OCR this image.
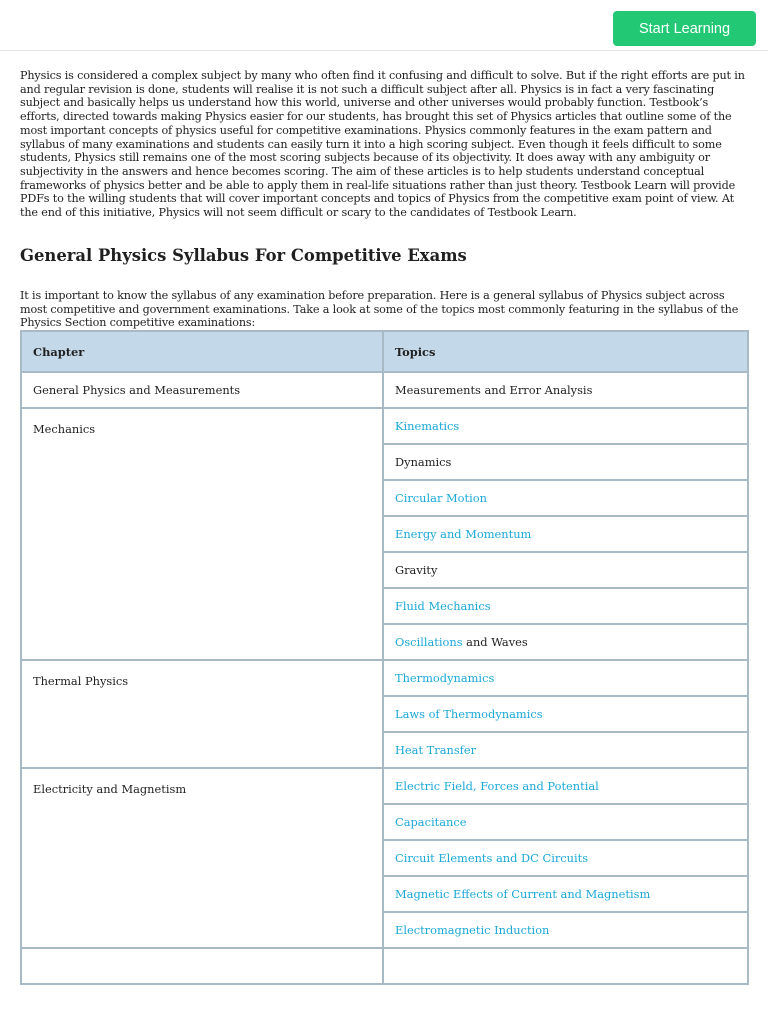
Start Learning

Physics is considered a complex subject by many who often find it confusing and difficult to solve. But if the right efforts are put in and regular revision is done, students will realise it is not such a difficult subject after all. Physics is in fact a very fascinating subject and basically helps us understand how this world, universe and other universes would probably function. Testbook’s efforts, directed towards making Physics easier for our students, has brought this set of Physics articles that outline some of the most important concepts of physics useful for competitive examinations. Physics commonly features in the exam pattern and syllabus of many examinations and students can easily turn it into a high scoring subject. Even though it feels difficult to some students, Physics still remains one of the most scoring subjects because of its objectivity. It does away with any ambiguity or subjectivity in the answers and hence becomes scoring. The aim of these articles is to help students understand conceptual frameworks of physics better and be able to apply them in real-life situations rather than just theory. Testbook Learn will provide PDFs to the willing students that will cover important concepts and topics of Physics from the competitive exam point of view. At the end of this initiative, Physics will not seem difficult or scary to the candidates of Testbook Learn.

General Physics Syllabus For Competitive Exams

It is important to know the syllabus of any examination before preparation. Here is a general syllabus of Physics subject across most competitive and government examinations. Take a look at some of the topics most commonly featuring in the syllabus of the Physics Section competitive examinations:

Chapter	Topics
General Physics and Measurements	Measurements and Error Analysis
Mechanics	Kinematics
	Dynamics
	Circular Motion
	Energy and Momentum
	Gravity
	Fluid Mechanics
	Oscillations and Waves
Thermal Physics	Thermodynamics
	Laws of Thermodynamics
	Heat Transfer
Electricity and Magnetism	Electric Field, Forces and Potential
	Capacitance
	Circuit Elements and DC Circuits
	Magnetic Effects of Current and Magnetism
	Electromagnetic Induction
